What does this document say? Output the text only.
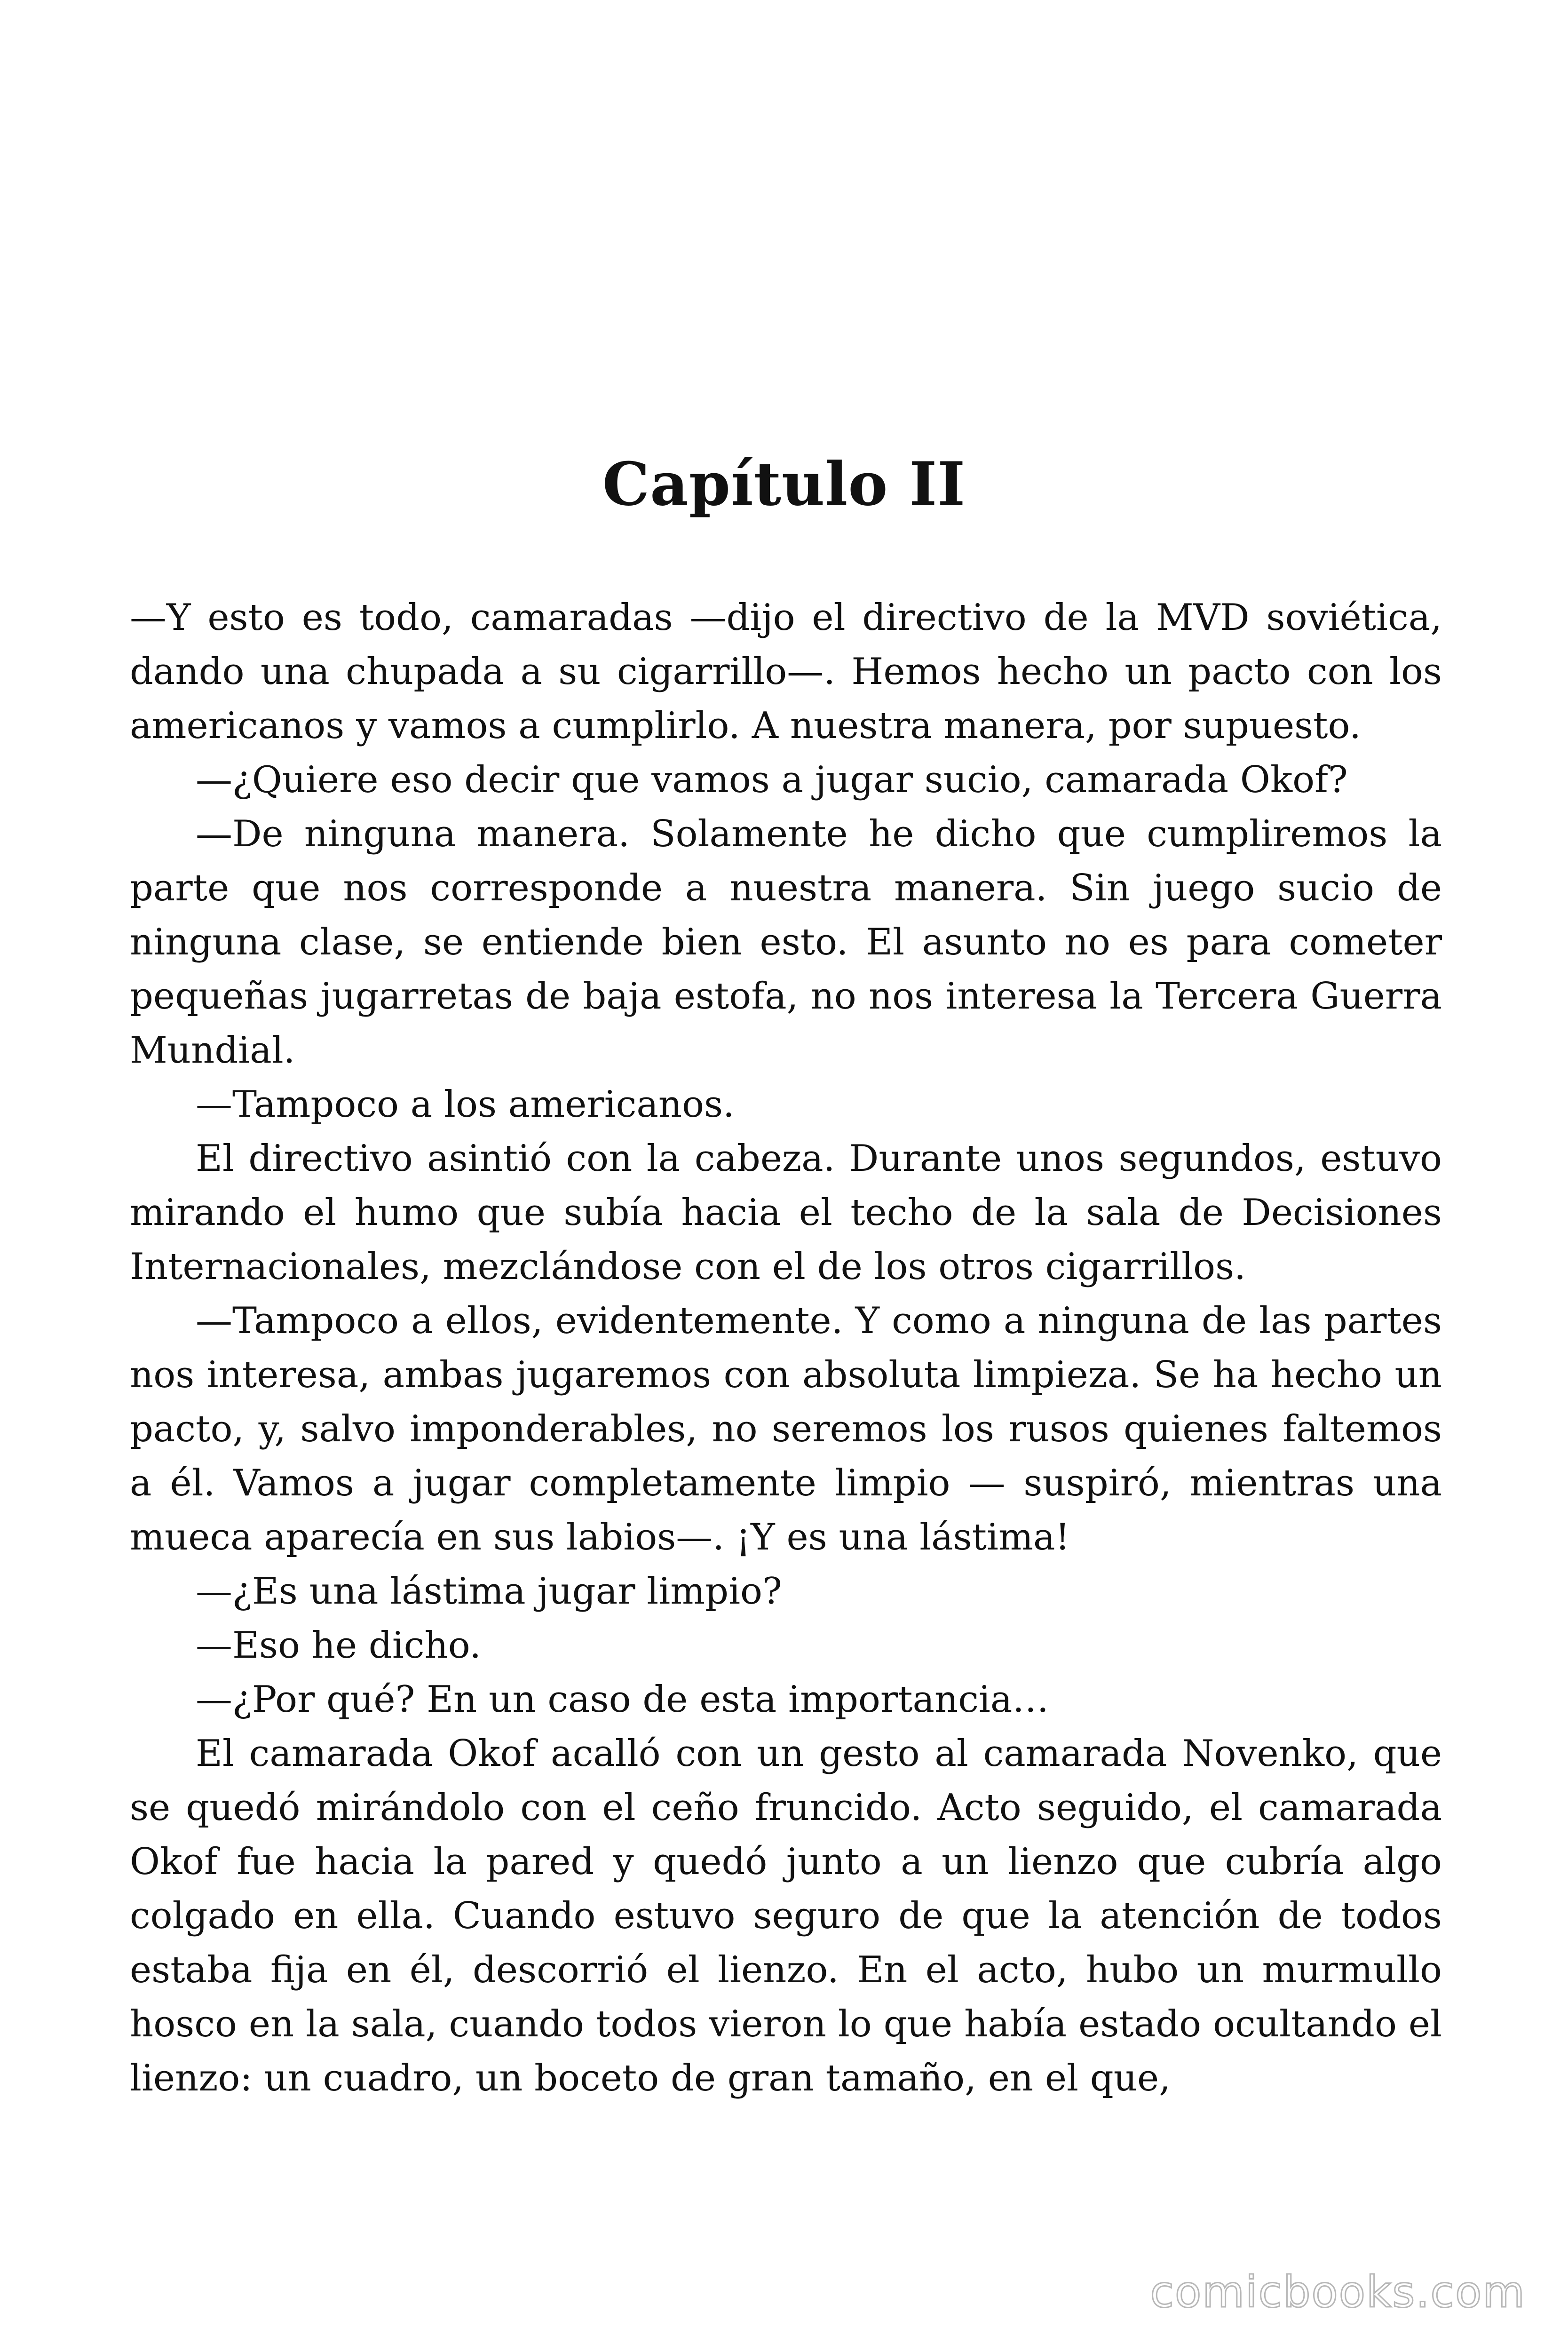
Capítulo II

—Y esto es todo, camaradas —dijo el directivo de la MVD soviética, dando una chupada a su cigarrillo—. Hemos hecho un pacto con los americanos y vamos a cumplirlo. A nuestra manera, por supuesto.

—¿Quiere eso decir que vamos a jugar sucio, camarada Okof?

—De ninguna manera. Solamente he dicho que cumpliremos la parte que nos corresponde a nuestra manera. Sin juego sucio de ninguna clase, se entiende bien esto. El asunto no es para cometer pequeñas jugarretas de baja estofa, no nos interesa la Tercera Guerra Mundial.

—Tampoco a los americanos.

El directivo asintió con la cabeza. Durante unos segundos, estuvo mirando el humo que subía hacia el techo de la sala de Decisiones Internacionales, mezclándose con el de los otros cigarrillos.

—Tampoco a ellos, evidentemente. Y como a ninguna de las partes nos interesa, ambas jugaremos con absoluta limpieza. Se ha hecho un pacto, y, salvo imponderables, no seremos los rusos quienes faltemos a él. Vamos a jugar completamente limpio — suspiró, mientras una mueca aparecía en sus labios—. ¡Y es una lástima!

—¿Es una lástima jugar limpio?

—Eso he dicho.

—¿Por qué? En un caso de esta importancia…

El camarada Okof acalló con un gesto al camarada Novenko, que se quedó mirándolo con el ceño fruncido. Acto seguido, el camarada Okof fue hacia la pared y quedó junto a un lienzo que cubría algo colgado en ella. Cuando estuvo seguro de que la atención de todos estaba fija en él, descorrió el lienzo. En el acto, hubo un murmullo hosco en la sala, cuando todos vieron lo que había estado ocultando el lienzo: un cuadro, un boceto de gran tamaño, en el que,

comicbooks.com
